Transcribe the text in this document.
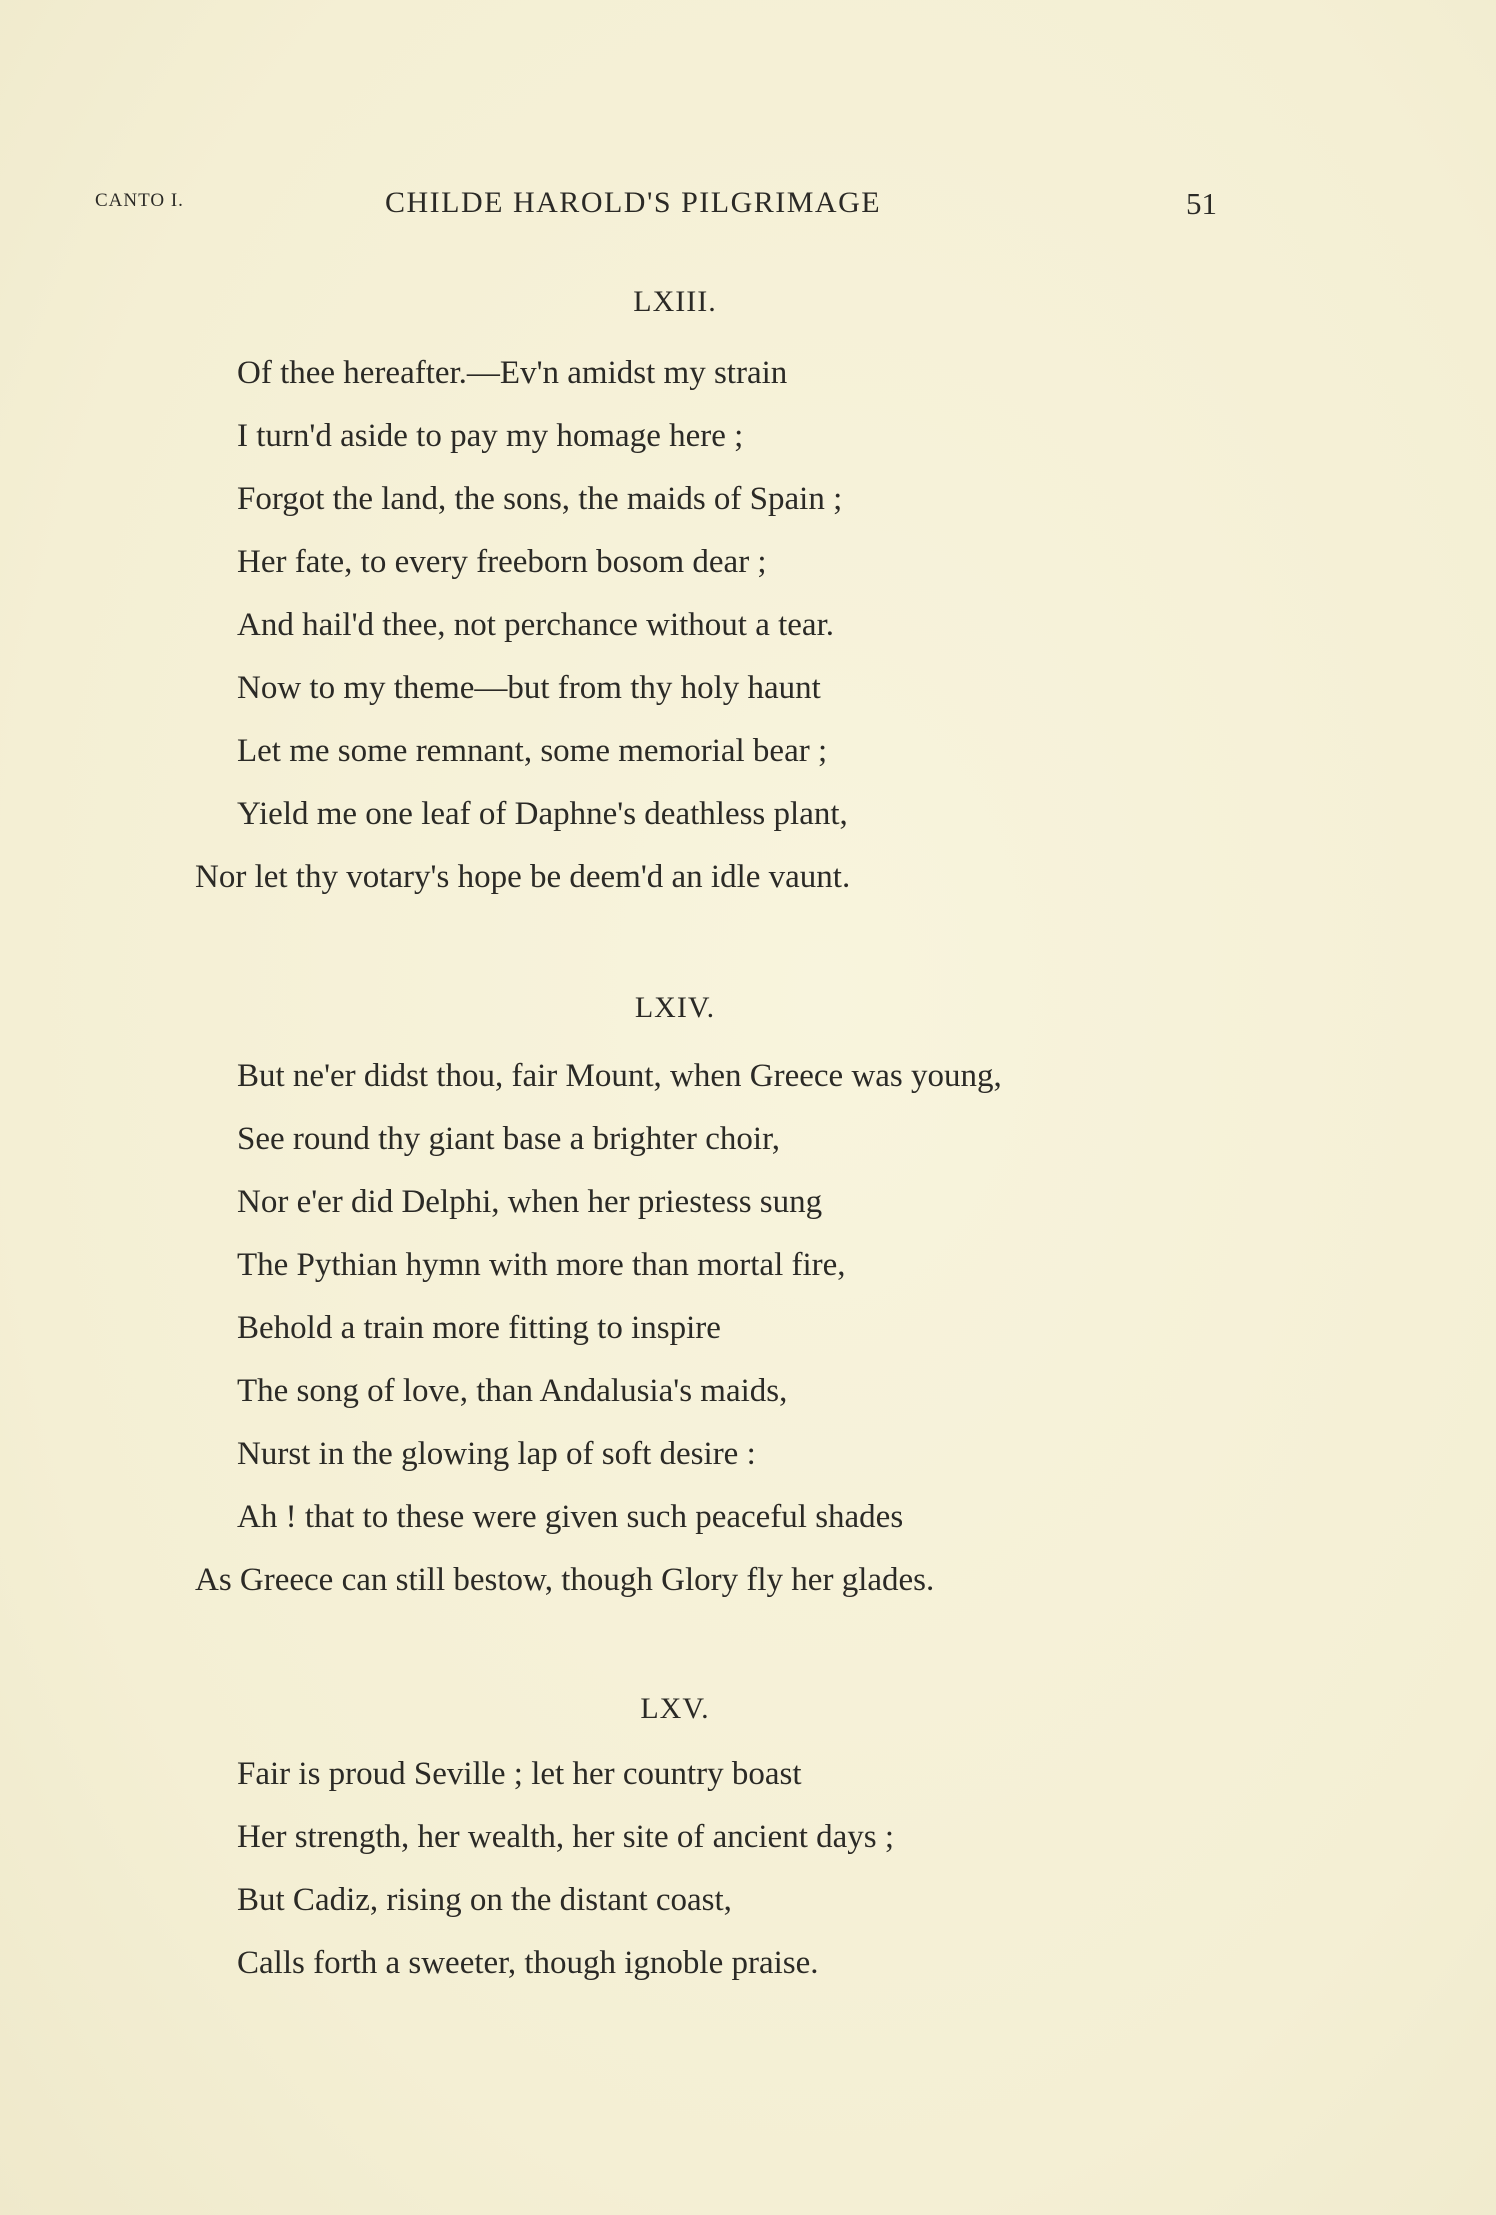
CANTO I.	CHILDE HAROLD'S PILGRIMAGE	51
LXIII.
Of thee hereafter.—Ev'n amidst my strain
I turn'd aside to pay my homage here ;
Forgot the land, the sons, the maids of Spain ;
Her fate, to every freeborn bosom dear ;
And hail'd thee, not perchance without a tear.
Now to my theme—but from thy holy haunt
Let me some remnant, some memorial bear ;
Yield me one leaf of Daphne's deathless plant,
Nor let thy votary's hope be deem'd an idle vaunt.
LXIV.
But ne'er didst thou, fair Mount, when Greece was young,
See round thy giant base a brighter choir,
Nor e'er did Delphi, when her priestess sung
The Pythian hymn with more than mortal fire,
Behold a train more fitting to inspire
The song of love, than Andalusia's maids,
Nurst in the glowing lap of soft desire :
Ah ! that to these were given such peaceful shades
As Greece can still bestow, though Glory fly her glades.
LXV.
Fair is proud Seville ; let her country boast
Her strength, her wealth, her site of ancient days ;
But Cadiz, rising on the distant coast,
Calls forth a sweeter, though ignoble praise.
